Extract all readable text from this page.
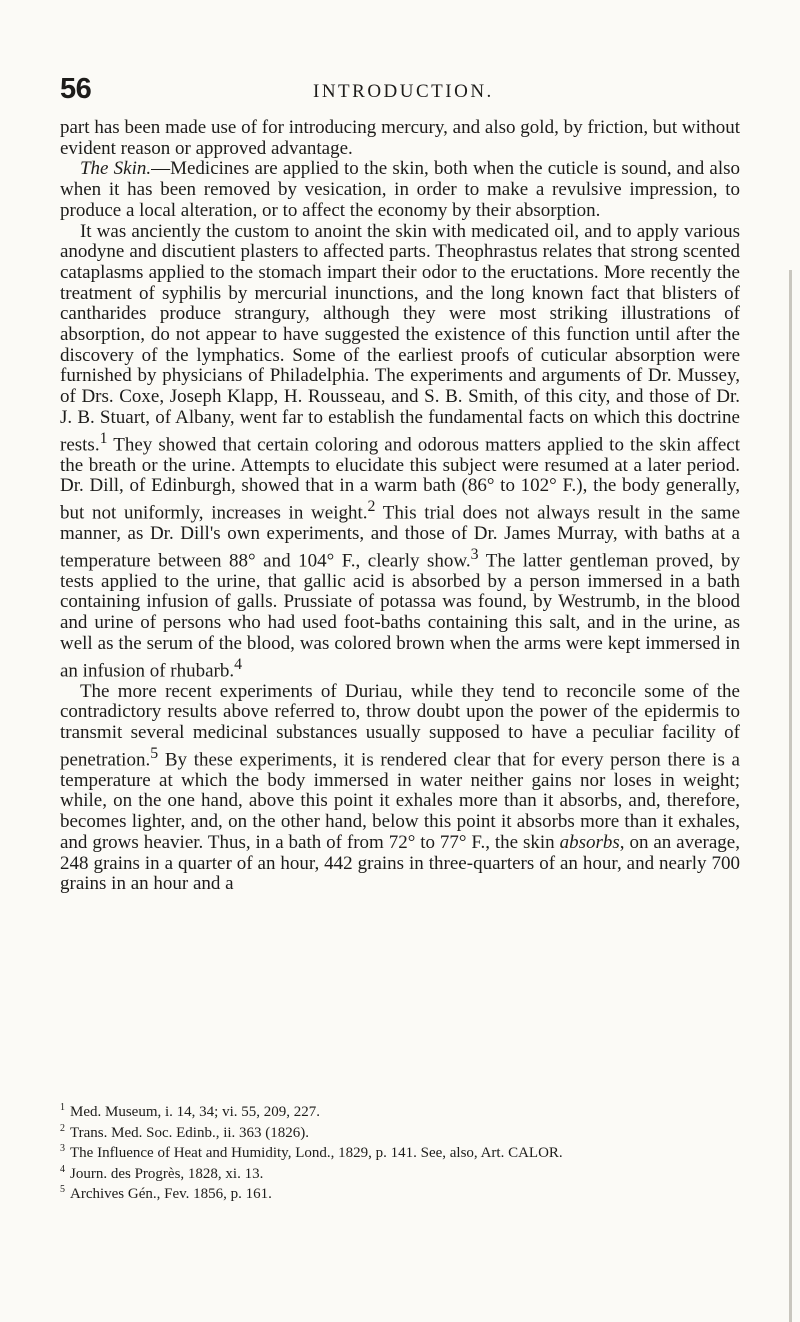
56	INTRODUCTION.

part has been made use of for introducing mercury, and also gold, by friction, but without evident reason or approved advantage.

The Skin.—Medicines are applied to the skin, both when the cuticle is sound, and also when it has been removed by vesication, in order to make a revulsive impression, to produce a local alteration, or to affect the economy by their absorption.

It was anciently the custom to anoint the skin with medicated oil, and to apply various anodyne and discutient plasters to affected parts. Theophrastus relates that strong scented cataplasms applied to the stomach impart their odor to the eructations. More recently the treatment of syphilis by mercurial inunctions, and the long known fact that blisters of cantharides produce strangury, although they were most striking illustrations of absorption, do not appear to have suggested the existence of this function until after the discovery of the lymphatics. Some of the earliest proofs of cuticular absorption were furnished by physicians of Philadelphia. The experiments and arguments of Dr. Mussey, of Drs. Coxe, Joseph Klapp, H. Rousseau, and S. B. Smith, of this city, and those of Dr. J. B. Stuart, of Albany, went far to establish the fundamental facts on which this doctrine rests.$^1$ They showed that certain coloring and odorous matters applied to the skin affect the breath or the urine. Attempts to elucidate this subject were resumed at a later period. Dr. Dill, of Edinburgh, showed that in a warm bath (86° to 102° F.), the body generally, but not uniformly, increases in weight.$^2$ This trial does not always result in the same manner, as Dr. Dill's own experiments, and those of Dr. James Murray, with baths at a temperature between 88° and 104° F., clearly show.$^3$ The latter gentleman proved, by tests applied to the urine, that gallic acid is absorbed by a person immersed in a bath containing infusion of galls. Prussiate of potassa was found, by Westrumb, in the blood and urine of persons who had used foot-baths containing this salt, and in the urine, as well as the serum of the blood, was colored brown when the arms were kept immersed in an infusion of rhubarb.$^4$

The more recent experiments of Duriau, while they tend to reconcile some of the contradictory results above referred to, throw doubt upon the power of the epidermis to transmit several medicinal substances usually supposed to have a peculiar facility of penetration.$^5$ By these experiments, it is rendered clear that for every person there is a temperature at which the body immersed in water neither gains nor loses in weight; while, on the one hand, above this point it exhales more than it absorbs, and, therefore, becomes lighter, and, on the other hand, below this point it absorbs more than it exhales, and grows heavier. Thus, in a bath of from 72° to 77° F., the skin absorbs, on an average, 248 grains in a quarter of an hour, 442 grains in three-quarters of an hour, and nearly 700 grains in an hour and a

$^1$ Med. Museum, i. 14, 34; vi. 55, 209, 227.

$^2$ Trans. Med. Soc. Edinb., ii. 363 (1826).

$^3$ The Influence of Heat and Humidity, Lond., 1829, p. 141. See, also, Art. CALOR.

$^4$ Journ. des Progrès, 1828, xi. 13.

$^5$ Archives Gén., Fev. 1856, p. 161.
